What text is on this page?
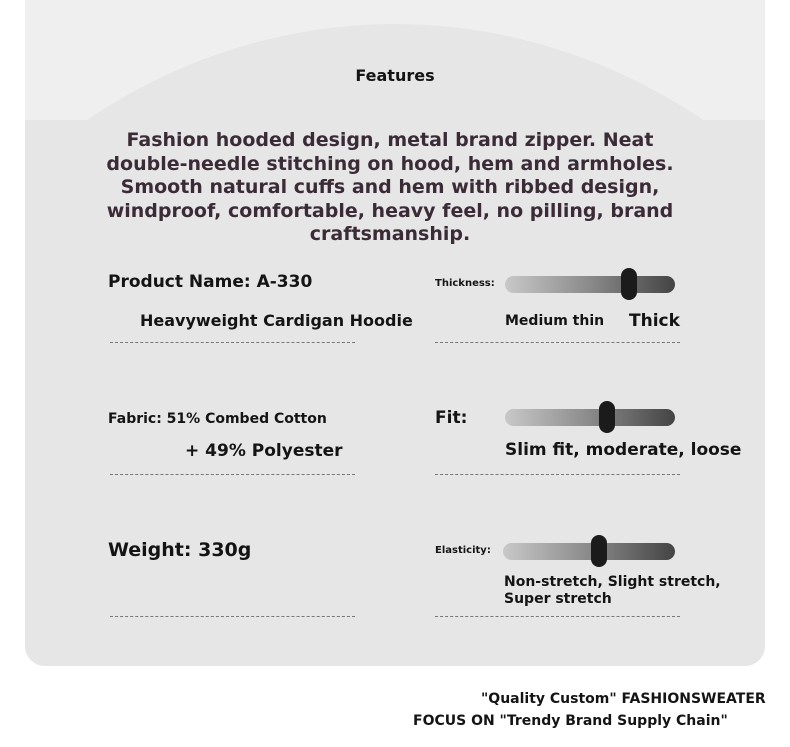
Features
Fashion hooded design, metal brand zipper. Neat double-needle stitching on hood, hem and armholes. Smooth natural cuffs and hem with ribbed design, windproof, comfortable, heavy feel, no pilling, brand craftsmanship.
Product Name: A-330
Heavyweight Cardigan Hoodie
Fabric: 51% Combed Cotton
+ 49% Polyester
Weight: 330g
Thickness:
Medium thin Thick
Fit:
Slim fit, moderate, loose
Elasticity:
Non-stretch, Slight stretch,
Super stretch
"Quality Custom" FASHIONSWEATER
FOCUS ON "Trendy Brand Supply Chain"
